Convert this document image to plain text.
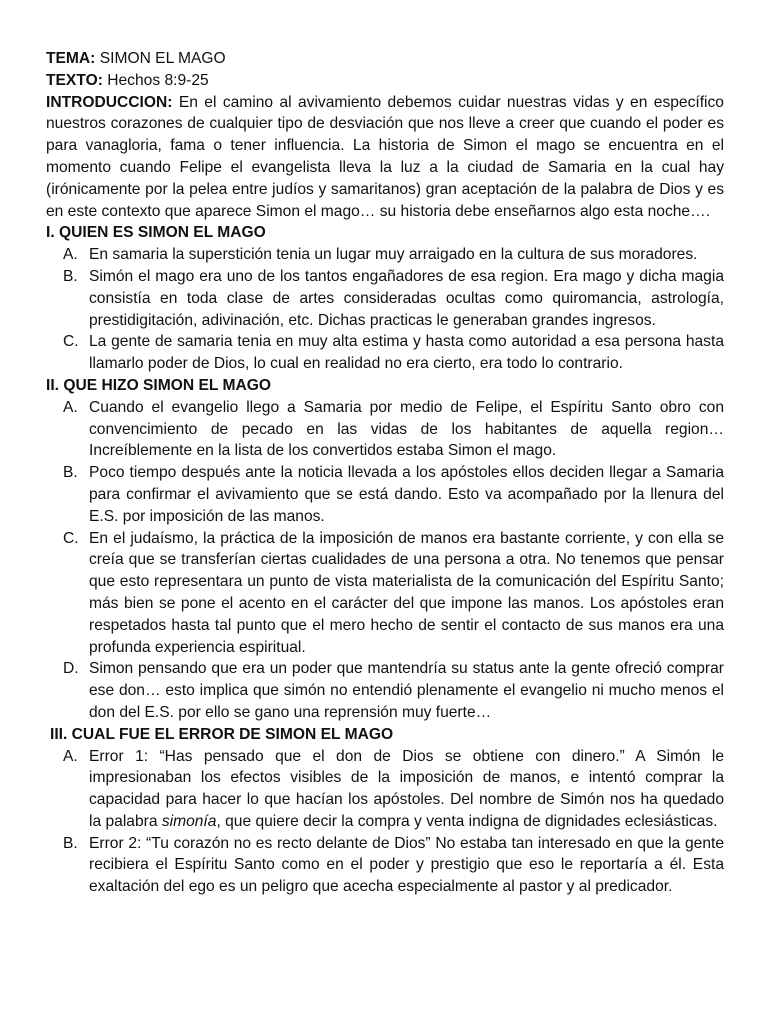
TEMA: SIMON EL MAGO

TEXTO: Hechos 8:9-25

INTRODUCCION: En el camino al avivamiento debemos cuidar nuestras vidas y en específico nuestros corazones de cualquier tipo de desviación que nos lleve a creer que cuando el poder es para vanagloria, fama o tener influencia. La historia de Simon el mago se encuentra en el momento cuando Felipe el evangelista lleva la luz a la ciudad de Samaria en la cual hay (irónicamente por la pelea entre judíos y samaritanos) gran aceptación de la palabra de Dios y es en este contexto que aparece Simon el mago… su historia debe enseñarnos algo esta noche….

I. QUIEN ES SIMON EL MAGO

A. En samaria la superstición tenia un lugar muy arraigado en la cultura de sus moradores.
B. Simón el mago era uno de los tantos engañadores de esa region. Era mago y dicha magia consistía en toda clase de artes consideradas ocultas como quiromancia, astrología, prestidigitación, adivinación, etc. Dichas practicas le generaban grandes ingresos.
C. La gente de samaria tenia en muy alta estima y hasta como autoridad a esa persona hasta llamarlo poder de Dios, lo cual en realidad no era cierto, era todo lo contrario.

II. QUE HIZO SIMON EL MAGO

A. Cuando el evangelio llego a Samaria por medio de Felipe, el Espíritu Santo obro con convencimiento de pecado en las vidas de los habitantes de aquella region… Increíblemente en la lista de los convertidos estaba Simon el mago.
B. Poco tiempo después ante la noticia llevada a los apóstoles ellos deciden llegar a Samaria para confirmar el avivamiento que se está dando. Esto va acompañado por la llenura del E.S. por imposición de las manos.
C. En el judaísmo, la práctica de la imposición de manos era bastante corriente, y con ella se creía que se transferían ciertas cualidades de una persona a otra. No tenemos que pensar que esto representara un punto de vista materialista de la comunicación del Espíritu Santo; más bien se pone el acento en el carácter del que impone las manos. Los apóstoles eran respetados hasta tal punto que el mero hecho de sentir el contacto de sus manos era una profunda experiencia espiritual.
D. Simon pensando que era un poder que mantendría su status ante la gente ofreció comprar ese don… esto implica que simón no entendió plenamente el evangelio ni mucho menos el don del E.S. por ello se gano una reprensión muy fuerte…

III. CUAL FUE EL ERROR DE SIMON EL MAGO

A. Error 1: “Has pensado que el don de Dios se obtiene con dinero.” A Simón le impresionaban los efectos visibles de la imposición de manos, e intentó comprar la capacidad para hacer lo que hacían los apóstoles. Del nombre de Simón nos ha quedado la palabra simonía, que quiere decir la compra y venta indigna de dignidades eclesiásticas.
B. Error 2: “Tu corazón no es recto delante de Dios” No estaba tan interesado en que la gente recibiera el Espíritu Santo como en el poder y prestigio que eso le reportaría a él. Esta exaltación del ego es un peligro que acecha especialmente al pastor y al predicador.
